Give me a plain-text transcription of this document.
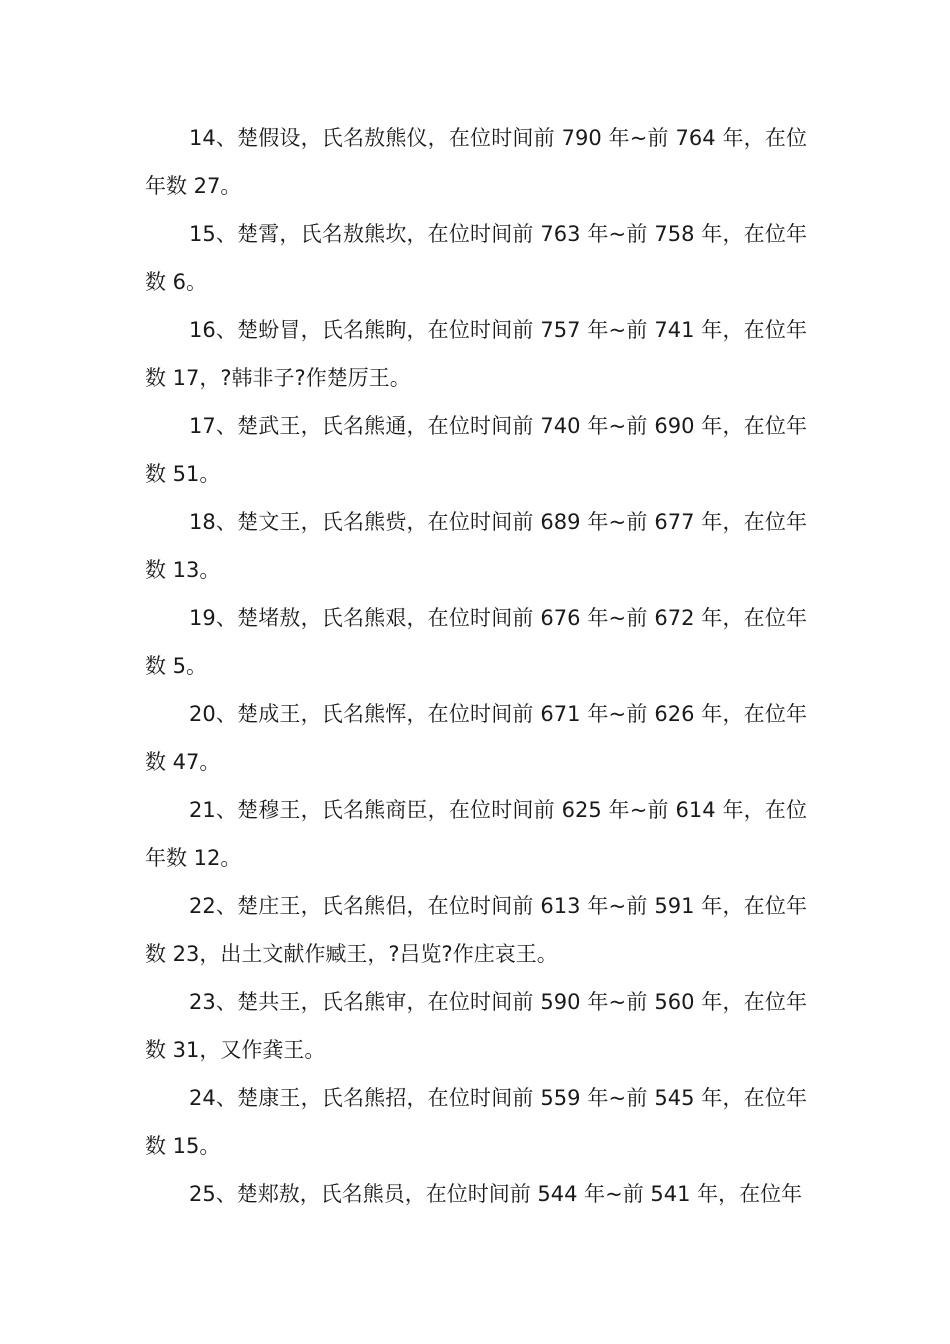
14、楚假设，氏名敖熊仪，在位时间前 790 年~前 764 年，在位年数 27。

15、楚霄，氏名敖熊坎，在位时间前 763 年~前 758 年，在位年数 6。

16、楚蚡冒，氏名熊眴，在位时间前 757 年~前 741 年，在位年数 17，?韩非子?作楚厉王。

17、楚武王，氏名熊通，在位时间前 740 年~前 690 年，在位年数 51。

18、楚文王，氏名熊赀，在位时间前 689 年~前 677 年，在位年数 13。

19、楚堵敖，氏名熊艰，在位时间前 676 年~前 672 年，在位年数 5。

20、楚成王，氏名熊恽，在位时间前 671 年~前 626 年，在位年数 47。

21、楚穆王，氏名熊商臣，在位时间前 625 年~前 614 年，在位年数 12。

22、楚庄王，氏名熊侣，在位时间前 613 年~前 591 年，在位年数 23，出土文献作臧王，?吕览?作庄哀王。

23、楚共王，氏名熊审，在位时间前 590 年~前 560 年，在位年数 31，又作龚王。

24、楚康王，氏名熊招，在位时间前 559 年~前 545 年，在位年数 15。

25、楚郏敖，氏名熊员，在位时间前 544 年~前 541 年，在位年
